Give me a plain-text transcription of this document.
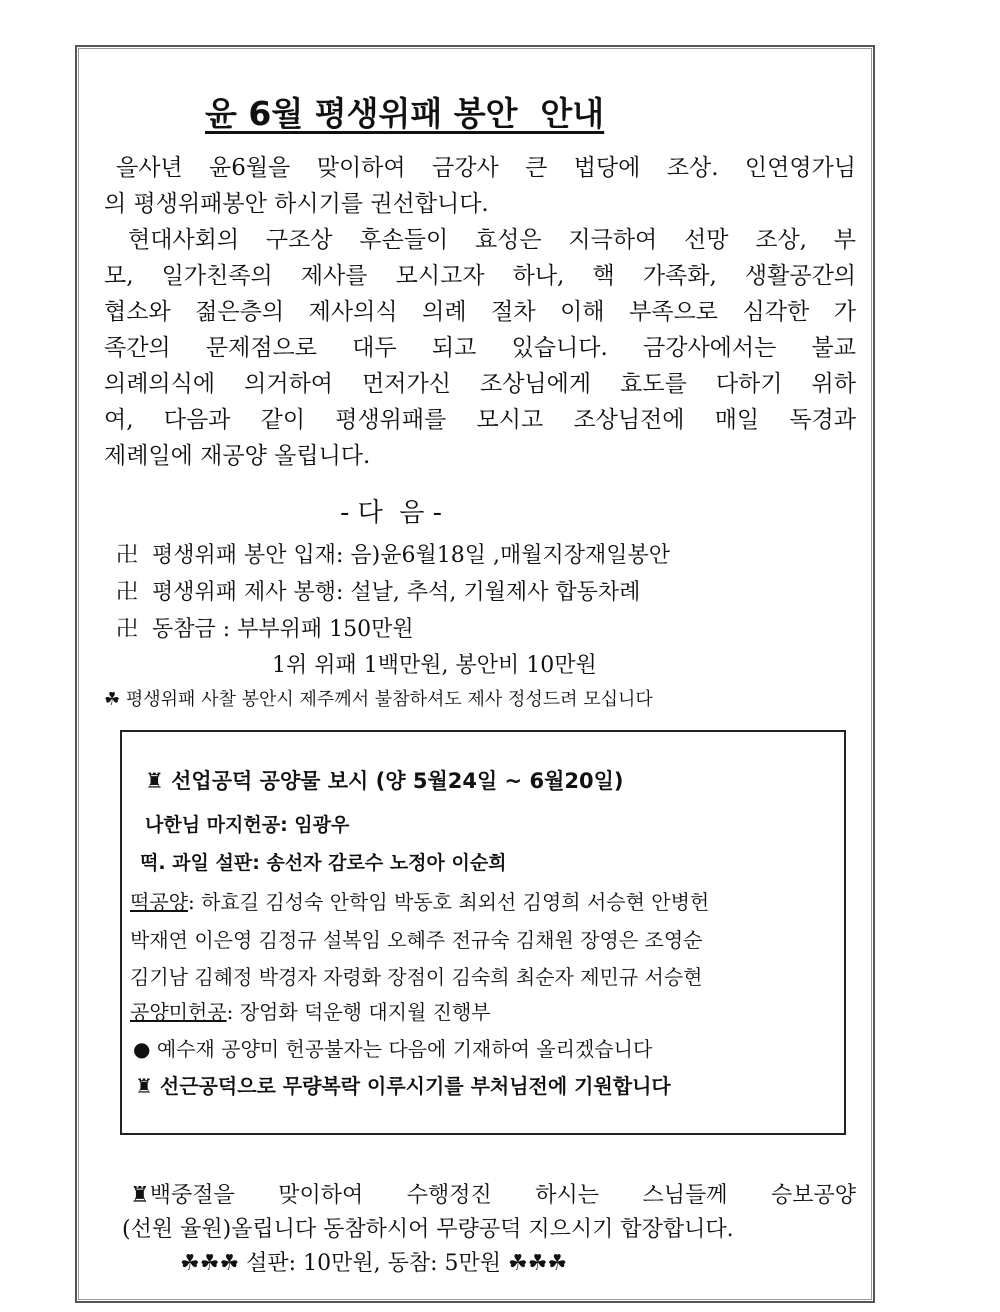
윤 6월 평생위패 봉안  안내
을사년 윤6월을 맞이하여 금강사 큰 법당에 조상. 인연영가님
의 평생위패봉안 하시기를 권선합니다.
현대사회의 구조상 후손들이 효성은 지극하여 선망 조상, 부
모, 일가친족의 제사를 모시고자 하나, 핵 가족화, 생활공간의
협소와 젊은층의 제사의식 의례 절차 이해 부족으로 심각한 가
족간의 문제점으로 대두 되고 있습니다. 금강사에서는 불교
의례의식에 의거하여 먼저가신 조상님에게 효도를 다하기 위하
여, 다음과 같이 평생위패를 모시고 조상님전에 매일 독경과
제례일에 재공양 올립니다.
- 다  음 -
卍 평생위패 봉안 입재: 음)윤6월18일 ,매월지장재일봉안
卍 평생위패 제사 봉행: 설날, 추석, 기월제사 합동차례
卍 동참금 : 부부위패 150만원
1위 위패 1백만원, 봉안비 10만원
☘ 평생위패 사찰 봉안시 제주께서 불참하셔도 제사 정성드려 모십니다
♜ 선업공덕 공양물 보시 (양 5월24일 ~ 6월20일)
나한님 마지헌공: 임광우
떡. 과일 설판: 송선자 감로수 노정아 이순희
떡공양: 하효길 김성숙 안학임 박동호 최외선 김영희 서승현 안병헌
박재연 이은영 김정규 설복임 오혜주 전규숙 김채원 장영은 조영순
김기남 김혜정 박경자 자령화 장점이 김숙희 최순자 제민규 서승현
공양미헌공: 장엄화 덕운행 대지월 진행부
● 예수재 공양미 헌공불자는 다음에 기재하여 올리겠습니다
♜ 선근공덕으로 무량복락 이루시기를 부처님전에 기원합니다
♜백중절을 맞이하여 수행정진 하시는 스님들께 승보공양
(선원 율원)올립니다 동참하시어 무량공덕 지으시기 합장합니다.
☘☘☘ 설판: 10만원, 동참: 5만원 ☘☘☘
